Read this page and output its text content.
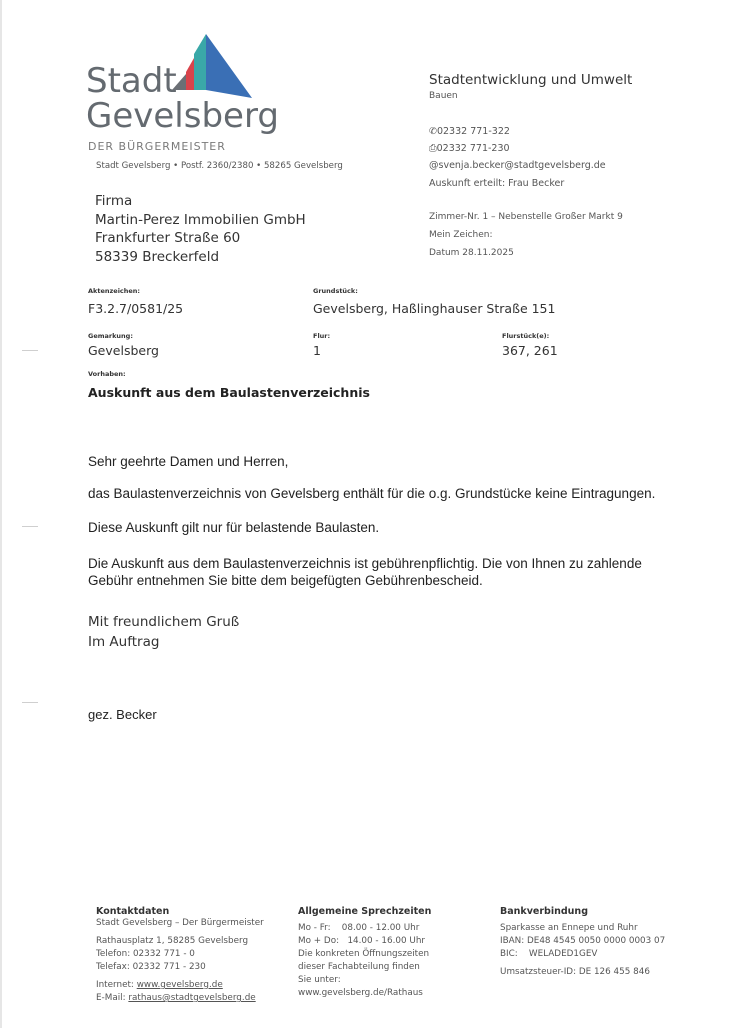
Stadt
Gevelsberg
DER BÜRGERMEISTER
Stadt Gevelsberg • Postf. 2360/2380 • 58265 Gevelsberg
Stadtentwicklung und Umwelt
Bauen
✆02332 771-322
⎙02332 771-230
@svenja.becker@stadtgevelsberg.de
Auskunft erteilt: Frau Becker
Zimmer-Nr. 1 – Nebenstelle Großer Markt 9
Mein Zeichen:
Datum 28.11.2025
Firma
Martin-Perez Immobilien GmbH
Frankfurter Straße 60
58339 Breckerfeld
Aktenzeichen:
F3.2.7/0581/25
Grundstück:
Gevelsberg, Haßlinghauser Straße 151
Gemarkung:
Gevelsberg
Flur:
1
Flurstück(e):
367, 261
Vorhaben:
Auskunft aus dem Baulastenverzeichnis
Sehr geehrte Damen und Herren,
das Baulastenverzeichnis von Gevelsberg enthält für die o.g. Grundstücke keine Eintragungen.
Diese Auskunft gilt nur für belastende Baulasten.
Die Auskunft aus dem Baulastenverzeichnis ist gebührenpflichtig. Die von Ihnen zu zahlende
Gebühr entnehmen Sie bitte dem beigefügten Gebührenbescheid.
Mit freundlichem Gruß
Im Auftrag
gez. Becker
Kontaktdaten
Stadt Gevelsberg – Der Bürgermeister
Rathausplatz 1, 58285 Gevelsberg
Telefon: 02332 771 - 0
Telefax: 02332 771 - 230
Internet: www.gevelsberg.de
E-Mail: rathaus@stadtgevelsberg.de
Allgemeine Sprechzeiten
Mo - Fr:    08.00 - 12.00 Uhr
Mo + Do:   14.00 - 16.00 Uhr
Die konkreten Öffnungszeiten
dieser Fachabteilung finden
Sie unter:
www.gevelsberg.de/Rathaus
Bankverbindung
Sparkasse an Ennepe und Ruhr
IBAN: DE48 4545 0050 0000 0003 07
BIC:    WELADED1GEV
Umsatzsteuer-ID: DE 126 455 846
